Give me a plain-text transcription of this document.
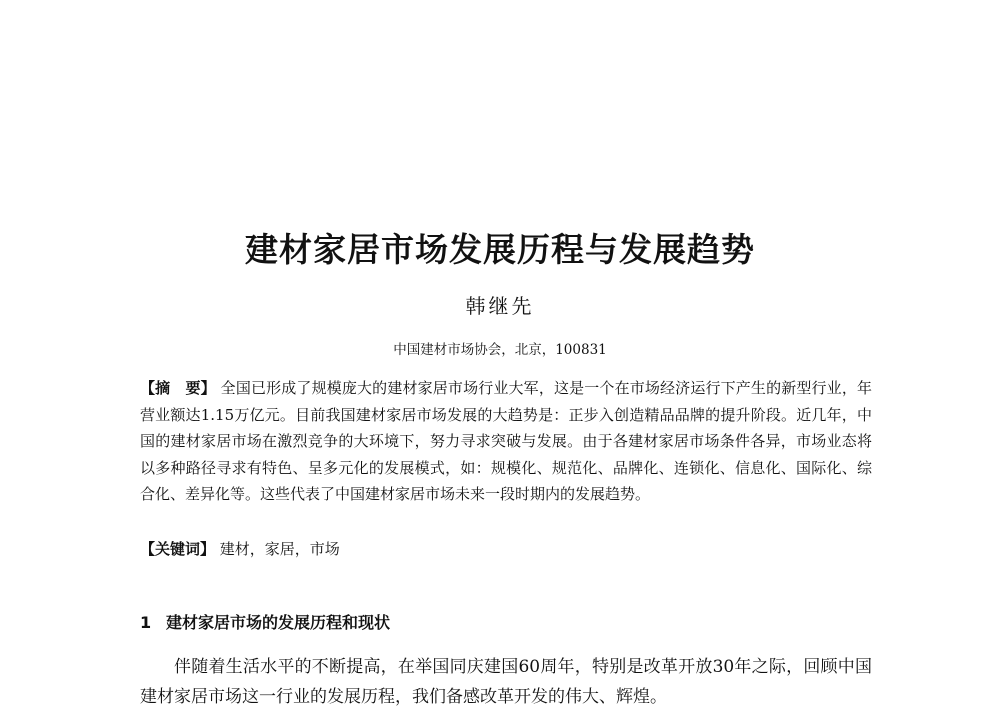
建材家居市场发展历程与发展趋势
韩继先
中国建材市场协会，北京，100831

【摘　要】 全国已形成了规模庞大的建材家居市场行业大军，这是一个在市场经济运行下产生的新型行业，年营业额达1.15万亿元。目前我国建材家居市场发展的大趋势是：正步入创造精品品牌的提升阶段。近几年，中国的建材家居市场在激烈竞争的大环境下，努力寻求突破与发展。由于各建材家居市场条件各异，市场业态将以多种路径寻求有特色、呈多元化的发展模式，如：规模化、规范化、品牌化、连锁化、信息化、国际化、综合化、差异化等。这些代表了中国建材家居市场未来一段时期内的发展趋势。

【关键词】 建材，家居，市场
1 建材家居市场的发展历程和现状

伴随着生活水平的不断提高，在举国同庆建国60周年，特别是改革开放30年之际，回顾中国建材家居市场这一行业的发展历程，我们备感改革开发的伟大、辉煌。
